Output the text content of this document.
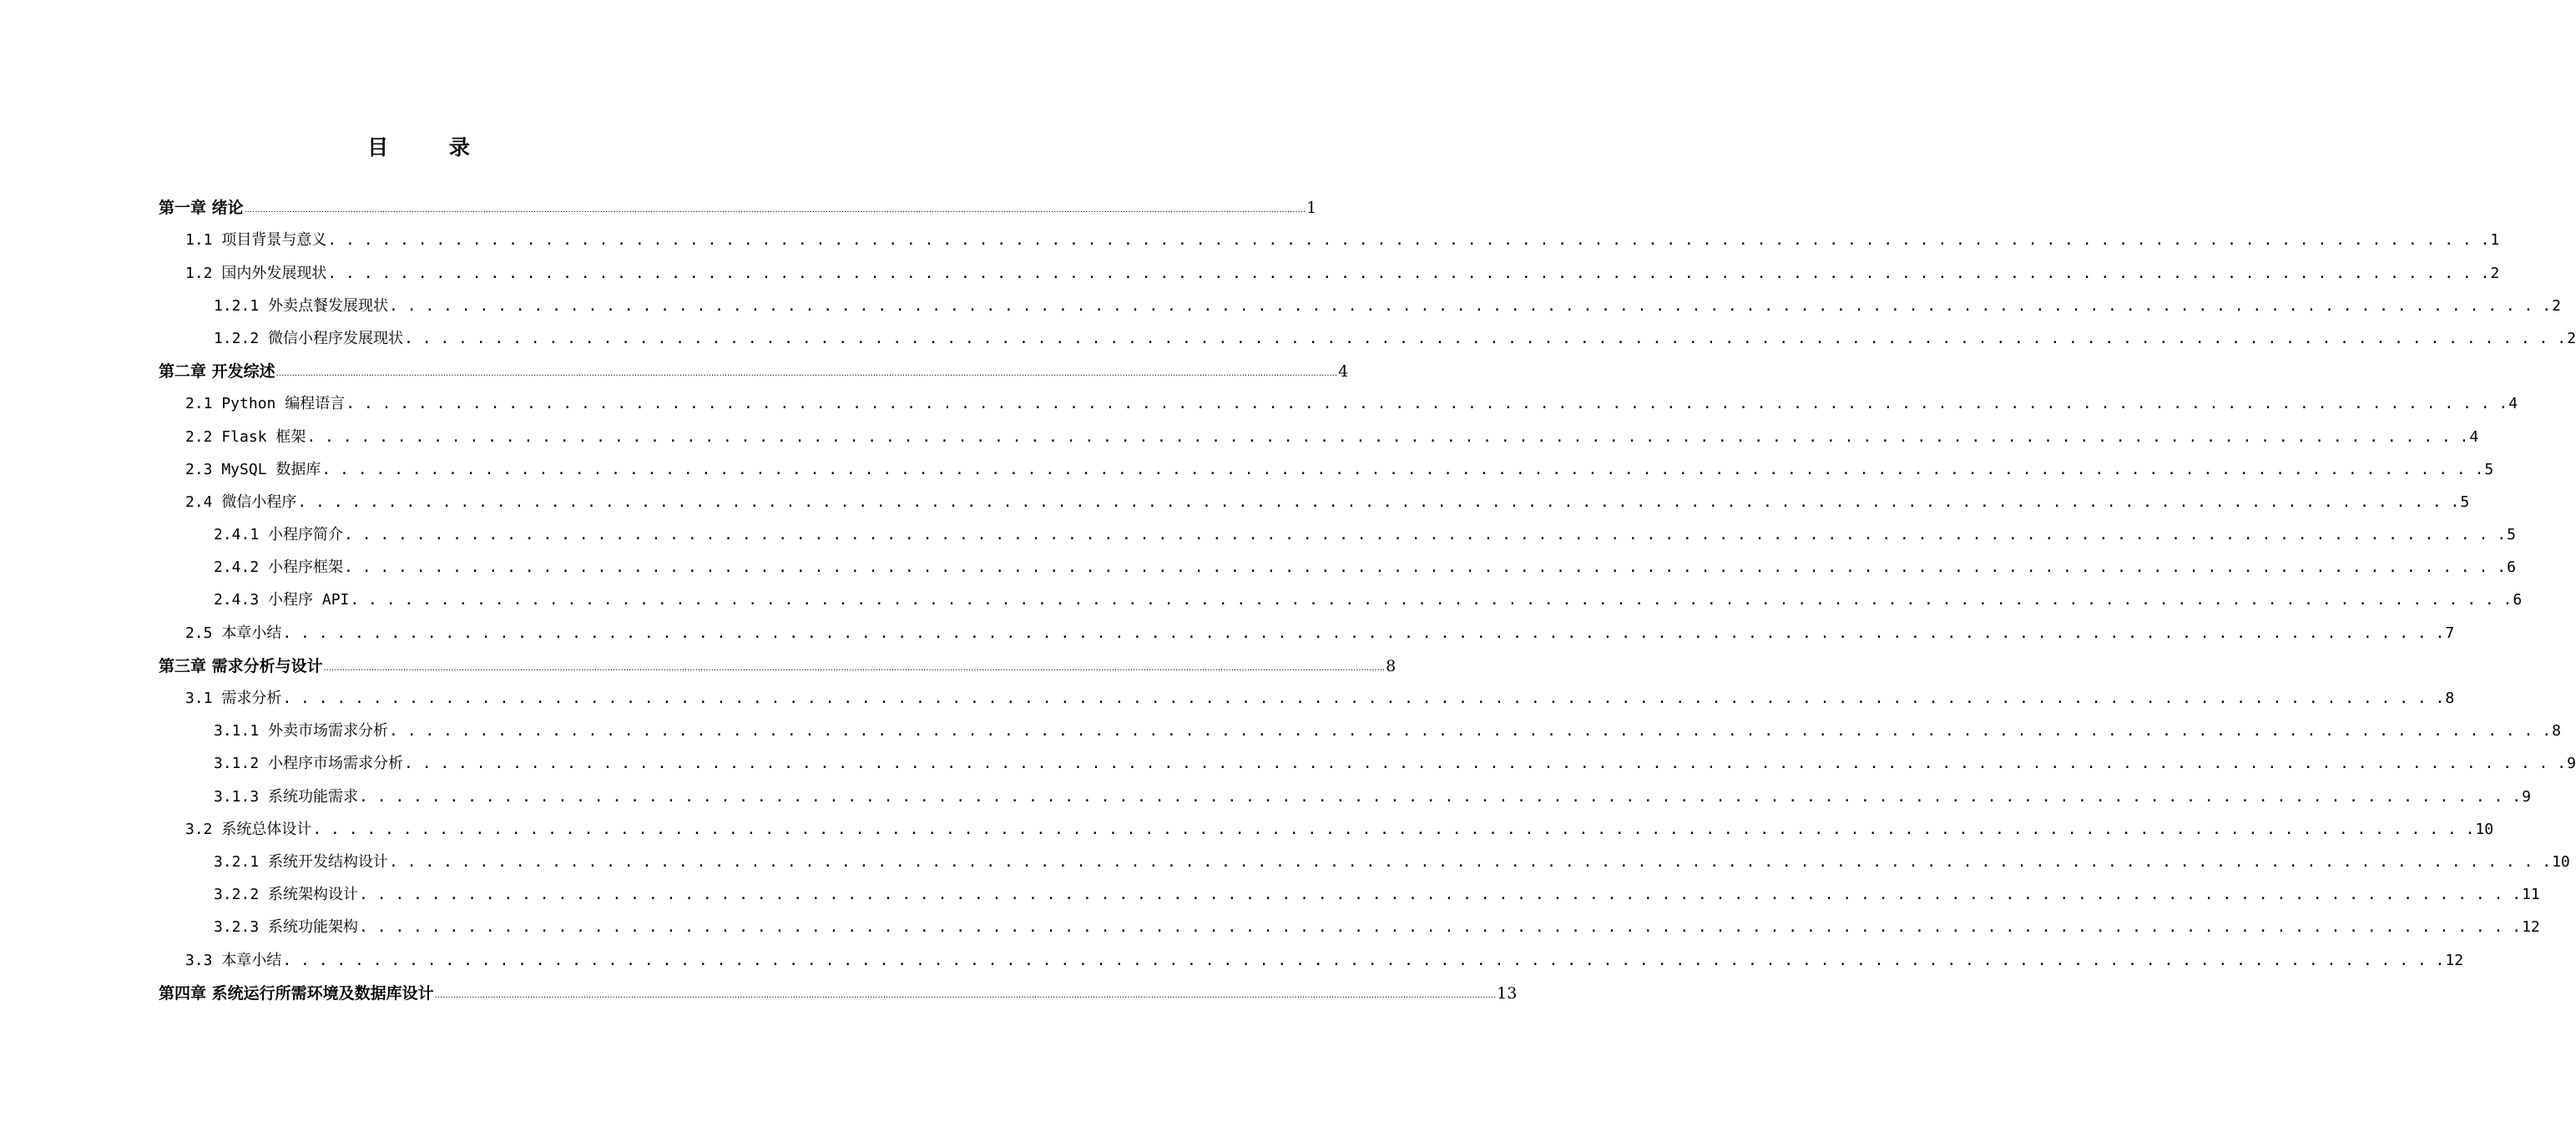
目 录
第一章 绪论 ................................................................................................................................................................................................................................................................................................................................................................................................................ 1
1.1 项目背景与意义 . . . . . . . . . . . . . . . . . . . . . . . . . . . . . . . . . . . . . . . . . . . . . . . . . . . . . . . . . . . . . . . . . . . . . . . . . . . . . . . . . . . . . . . . . . . . . . . . . . . . . . . . . . . . . . . . . . . . . . . . 1
1.2 国内外发展现状 . . . . . . . . . . . . . . . . . . . . . . . . . . . . . . . . . . . . . . . . . . . . . . . . . . . . . . . . . . . . . . . . . . . . . . . . . . . . . . . . . . . . . . . . . . . . . . . . . . . . . . . . . . . . . . . . . . . . . . . . 2
1.2.1 外卖点餐发展现状 . . . . . . . . . . . . . . . . . . . . . . . . . . . . . . . . . . . . . . . . . . . . . . . . . . . . . . . . . . . . . . . . . . . . . . . . . . . . . . . . . . . . . . . . . . . . . . . . . . . . . . . . . . . . . . . . . . . . . . . . 2
1.2.2 微信小程序发展现状 . . . . . . . . . . . . . . . . . . . . . . . . . . . . . . . . . . . . . . . . . . . . . . . . . . . . . . . . . . . . . . . . . . . . . . . . . . . . . . . . . . . . . . . . . . . . . . . . . . . . . . . . . . . . . . . . . . . . . . . . 2
第二章 开发综述 ................................................................................................................................................................................................................................................................................................................................................................................................................ 4
2.1 Python 编程语言 . . . . . . . . . . . . . . . . . . . . . . . . . . . . . . . . . . . . . . . . . . . . . . . . . . . . . . . . . . . . . . . . . . . . . . . . . . . . . . . . . . . . . . . . . . . . . . . . . . . . . . . . . . . . . . . . . . . . . . . . 4
2.2 Flask 框架 . . . . . . . . . . . . . . . . . . . . . . . . . . . . . . . . . . . . . . . . . . . . . . . . . . . . . . . . . . . . . . . . . . . . . . . . . . . . . . . . . . . . . . . . . . . . . . . . . . . . . . . . . . . . . . . . . . . . . . . . 4
2.3 MySQL 数据库 . . . . . . . . . . . . . . . . . . . . . . . . . . . . . . . . . . . . . . . . . . . . . . . . . . . . . . . . . . . . . . . . . . . . . . . . . . . . . . . . . . . . . . . . . . . . . . . . . . . . . . . . . . . . . . . . . . . . . . . . 5
2.4 微信小程序 . . . . . . . . . . . . . . . . . . . . . . . . . . . . . . . . . . . . . . . . . . . . . . . . . . . . . . . . . . . . . . . . . . . . . . . . . . . . . . . . . . . . . . . . . . . . . . . . . . . . . . . . . . . . . . . . . . . . . . . . 5
2.4.1 小程序简介 . . . . . . . . . . . . . . . . . . . . . . . . . . . . . . . . . . . . . . . . . . . . . . . . . . . . . . . . . . . . . . . . . . . . . . . . . . . . . . . . . . . . . . . . . . . . . . . . . . . . . . . . . . . . . . . . . . . . . . . . 5
2.4.2 小程序框架 . . . . . . . . . . . . . . . . . . . . . . . . . . . . . . . . . . . . . . . . . . . . . . . . . . . . . . . . . . . . . . . . . . . . . . . . . . . . . . . . . . . . . . . . . . . . . . . . . . . . . . . . . . . . . . . . . . . . . . . . 6
2.4.3 小程序 API . . . . . . . . . . . . . . . . . . . . . . . . . . . . . . . . . . . . . . . . . . . . . . . . . . . . . . . . . . . . . . . . . . . . . . . . . . . . . . . . . . . . . . . . . . . . . . . . . . . . . . . . . . . . . . . . . . . . . . . . 6
2.5 本章小结 . . . . . . . . . . . . . . . . . . . . . . . . . . . . . . . . . . . . . . . . . . . . . . . . . . . . . . . . . . . . . . . . . . . . . . . . . . . . . . . . . . . . . . . . . . . . . . . . . . . . . . . . . . . . . . . . . . . . . . . . 7
第三章 需求分析与设计 ................................................................................................................................................................................................................................................................................................................................................................................................................ 8
3.1 需求分析 . . . . . . . . . . . . . . . . . . . . . . . . . . . . . . . . . . . . . . . . . . . . . . . . . . . . . . . . . . . . . . . . . . . . . . . . . . . . . . . . . . . . . . . . . . . . . . . . . . . . . . . . . . . . . . . . . . . . . . . . 8
3.1.1 外卖市场需求分析 . . . . . . . . . . . . . . . . . . . . . . . . . . . . . . . . . . . . . . . . . . . . . . . . . . . . . . . . . . . . . . . . . . . . . . . . . . . . . . . . . . . . . . . . . . . . . . . . . . . . . . . . . . . . . . . . . . . . . . . . 8
3.1.2 小程序市场需求分析 . . . . . . . . . . . . . . . . . . . . . . . . . . . . . . . . . . . . . . . . . . . . . . . . . . . . . . . . . . . . . . . . . . . . . . . . . . . . . . . . . . . . . . . . . . . . . . . . . . . . . . . . . . . . . . . . . . . . . . . . 9
3.1.3 系统功能需求 . . . . . . . . . . . . . . . . . . . . . . . . . . . . . . . . . . . . . . . . . . . . . . . . . . . . . . . . . . . . . . . . . . . . . . . . . . . . . . . . . . . . . . . . . . . . . . . . . . . . . . . . . . . . . . . . . . . . . . . . 9
3.2 系统总体设计 . . . . . . . . . . . . . . . . . . . . . . . . . . . . . . . . . . . . . . . . . . . . . . . . . . . . . . . . . . . . . . . . . . . . . . . . . . . . . . . . . . . . . . . . . . . . . . . . . . . . . . . . . . . . . . . . . . . . . . . . 10
3.2.1 系统开发结构设计 . . . . . . . . . . . . . . . . . . . . . . . . . . . . . . . . . . . . . . . . . . . . . . . . . . . . . . . . . . . . . . . . . . . . . . . . . . . . . . . . . . . . . . . . . . . . . . . . . . . . . . . . . . . . . . . . . . . . . . . . 10
3.2.2 系统架构设计 . . . . . . . . . . . . . . . . . . . . . . . . . . . . . . . . . . . . . . . . . . . . . . . . . . . . . . . . . . . . . . . . . . . . . . . . . . . . . . . . . . . . . . . . . . . . . . . . . . . . . . . . . . . . . . . . . . . . . . . . 11
3.2.3 系统功能架构 . . . . . . . . . . . . . . . . . . . . . . . . . . . . . . . . . . . . . . . . . . . . . . . . . . . . . . . . . . . . . . . . . . . . . . . . . . . . . . . . . . . . . . . . . . . . . . . . . . . . . . . . . . . . . . . . . . . . . . . . 12
3.3 本章小结 . . . . . . . . . . . . . . . . . . . . . . . . . . . . . . . . . . . . . . . . . . . . . . . . . . . . . . . . . . . . . . . . . . . . . . . . . . . . . . . . . . . . . . . . . . . . . . . . . . . . . . . . . . . . . . . . . . . . . . . . 12
第四章 系统运行所需环境及数据库设计 ................................................................................................................................................................................................................................................................................................................................................................................................................ 13
